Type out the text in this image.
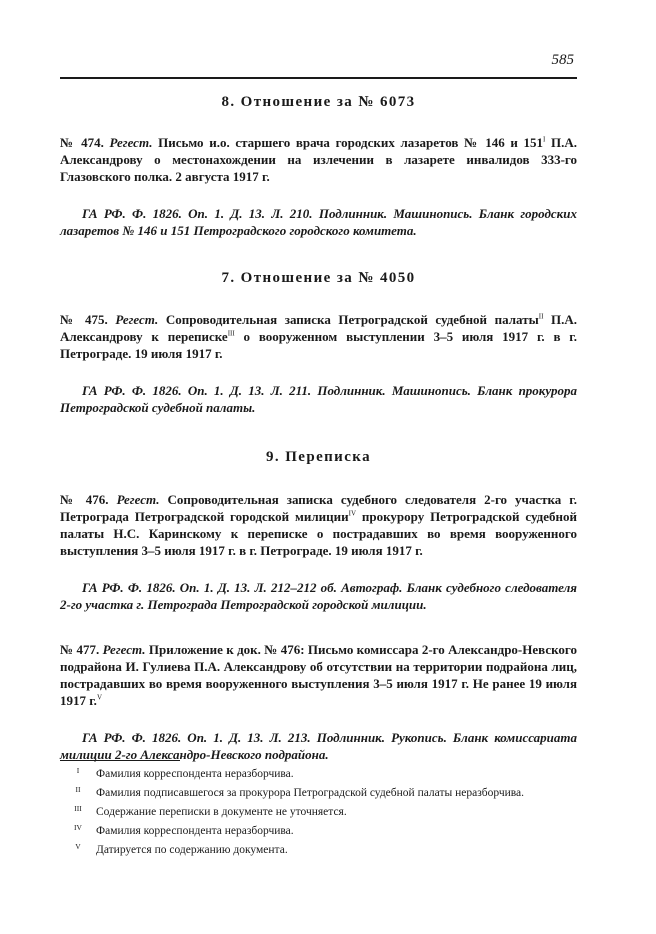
585
8. Отношение за № 6073

№ 474. Регест. Письмо и.о. старшего врача городских лазаретов № 146 и $151^I$ П.А. Александрову о местонахождении на излечении в лазарете инвалидов 333-го Глазовского полка. 2 августа 1917 г.

ГА РФ. Ф. 1826. Оп. 1. Д. 13. Л. 210. Подлинник. Машинопись. Бланк городских лазаретов № 146 и 151 Петроградского городского комитета.

7. Отношение за № 4050

№ 475. Регест. Сопроводительная записка Петроградской судебной палаты$^{II}$ П.А. Александрову к переписке$^{III}$ о вооруженном выступлении 3–5 июля 1917 г. в г. Петрограде. 19 июля 1917 г.

ГА РФ. Ф. 1826. Оп. 1. Д. 13. Л. 211. Подлинник. Машинопись. Бланк прокурора Петроградской судебной палаты.

9. Переписка

№ 476. Регест. Сопроводительная записка судебного следователя 2-го участка г. Петрограда Петроградской городской милиции$^{IV}$ прокурору Петроградской судебной палаты Н.С. Каринскому к переписке о пострадавших во время вооруженного выступления 3–5 июля 1917 г. в г. Петрограде. 19 июля 1917 г.

ГА РФ. Ф. 1826. Оп. 1. Д. 13. Л. 212–212 об. Автограф. Бланк судебного следователя 2-го участка г. Петрограда Петроградской городской милиции.

№ 477. Регест. Приложение к док. № 476: Письмо комиссара 2-го Александро-Невского подрайона И. Гулиева П.А. Александрову об отсутствии на территории подрайона лиц, пострадавших во время вооруженного выступления 3–5 июля 1917 г. Не ранее 19 июля 1917 г.$^V$

ГА РФ. Ф. 1826. Оп. 1. Д. 13. Л. 213. Подлинник. Рукопись. Бланк комиссариата милиции 2-го Александро-Невского подрайона.

I	Фамилия корреспондента неразборчива.
II	Фамилия подписавшегося за прокурора Петроградской судебной палаты неразборчива.
III	Содержание переписки в документе не уточняется.
IV	Фамилия корреспондента неразборчива.
V	Датируется по содержанию документа.
